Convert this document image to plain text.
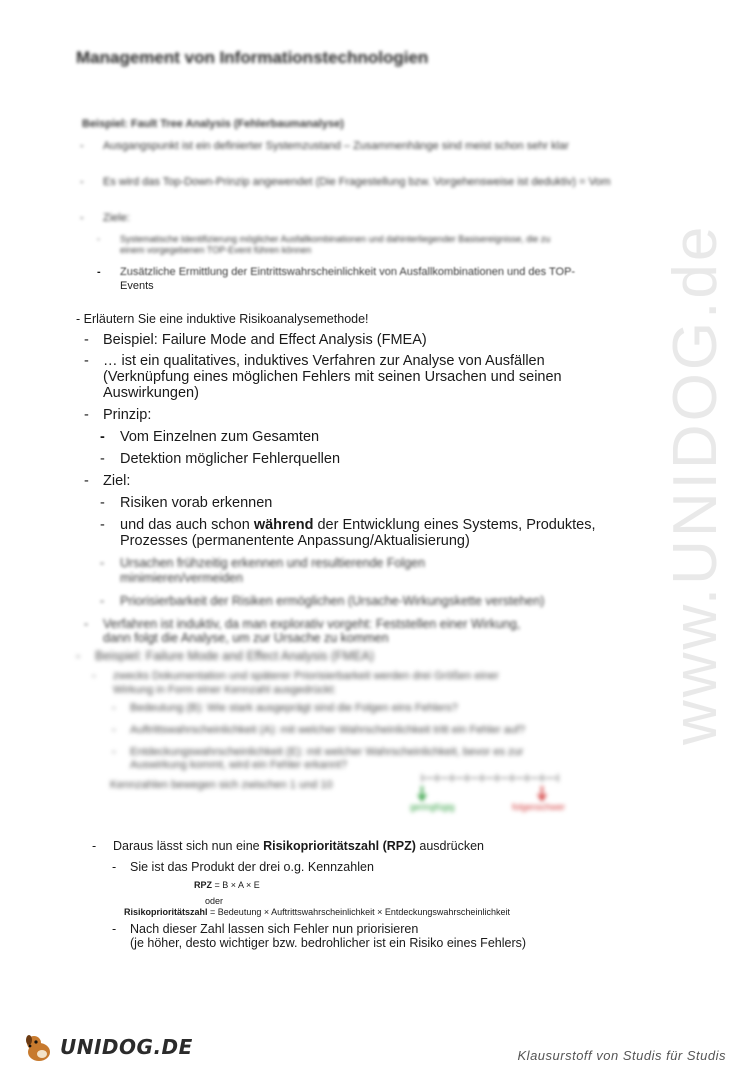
www.UNIDOG.de
Management von Informationstechnologien
Beispiel: Fault Tree Analysis (Fehlerbaumanalyse)
- Ausgangspunkt ist ein definierter Systemzustand – Zusammenhänge sind meist schon sehr klar
- Es wird das Top-Down-Prinzip angewendet (Die Fragestellung bzw. Vorgehensweise ist deduktiv) = Vom
- Ziele:
- Systematische Identifizierung möglicher Ausfallkombinationen und dahinterliegender Basisereignisse, die zu einem vorgegebenen TOP-Event führen können
- Zusätzliche Ermittlung der Eintrittswahrscheinlichkeit von Ausfallkombinationen und des TOP-
Events
- Erläutern Sie eine induktive Risikoanalysemethode!
- Beispiel: Failure Mode and Effect Analysis (FMEA)
- … ist ein qualitatives, induktives Verfahren zur Analyse von Ausfällen
(Verknüpfung eines möglichen Fehlers mit seinen Ursachen und seinen
Auswirkungen)
- Prinzip:
- Vom Einzelnen zum Gesamten
- Detektion möglicher Fehlerquellen
- Ziel:
- Risiken vorab erkennen
- und das auch schon während der Entwicklung eines Systems, Produktes,
Prozesses (permanentente Anpassung/Aktualisierung)
- Ursachen frühzeitig erkennen und resultierende Folgen
minimieren/vermeiden
- Priorisierbarkeit der Risiken ermöglichen (Ursache-Wirkungskette verstehen)
- Verfahren ist induktiv, da man explorativ vorgeht: Feststellen einer Wirkung,
dann folgt die Analyse, um zur Ursache zu kommen
- Beispiel: Failure Mode and Effect Analysis (FMEA)
- zwecks Dokumentation und späterer Priorisierbarkeit werden drei Größen einer
Wirkung in Form einer Kennzahl ausgedrückt:
- Bedeutung (B): Wie stark ausgeprägt sind die Folgen eins Fehlers?
- Auftrittswahrscheinlichkeit (A): mit welcher Wahrscheinlichkeit tritt ein Fehler auf?
- Entdeckungswahrscheinlichkeit (E): mit welcher Wahrscheinlichkeit, bevor es zur
Auswirkung kommt, wird ein Fehler erkannt?
Kennzahlen bewegen sich zwischen 1 und 10
geringfügig	folgenschwer
- Daraus lässt sich nun eine Risikoprioritätszahl (RPZ) ausdrücken
- Sie ist das Produkt der drei o.g. Kennzahlen
RPZ = B × A × E
oder
Risikoprioritätszahl = Bedeutung × Auftrittswahrscheinlichkeit × Entdeckungswahrscheinlichkeit
- Nach dieser Zahl lassen sich Fehler nun priorisieren
(je höher, desto wichtiger bzw. bedrohlicher ist ein Risiko eines Fehlers)
UNIDOG.DE	Klausurstoff von Studis für Studis
